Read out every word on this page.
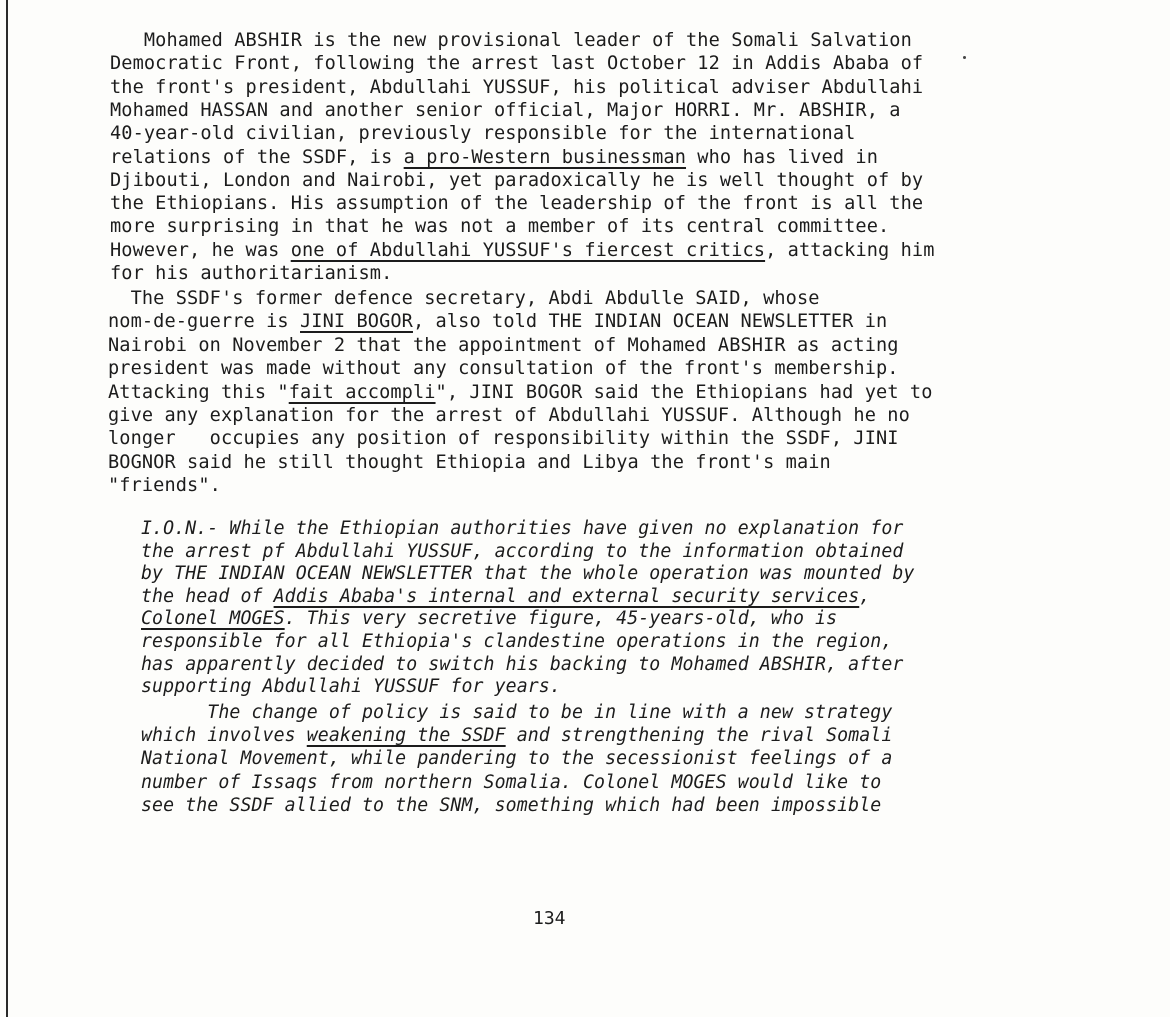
Mohamed ABSHIR is the new provisional leader of the Somali Salvation
Democratic Front, following the arrest last October 12 in Addis Ababa of
the front's president, Abdullahi YUSSUF, his political adviser Abdullahi
Mohamed HASSAN and another senior official, Major HORRI. Mr. ABSHIR, a
40-year-old civilian, previously responsible for the international
relations of the SSDF, is a pro-Western businessman who has lived in
Djibouti, London and Nairobi, yet paradoxically he is well thought of by
the Ethiopians. His assumption of the leadership of the front is all the
more surprising in that he was not a member of its central committee.
However, he was one of Abdullahi YUSSUF's fiercest critics, attacking him
for his authoritarianism.
The SSDF's former defence secretary, Abdi Abdulle SAID, whose
nom-de-guerre is JINI BOGOR, also told THE INDIAN OCEAN NEWSLETTER in
Nairobi on November 2 that the appointment of Mohamed ABSHIR as acting
president was made without any consultation of the front's membership.
Attacking this "fait accompli", JINI BOGOR said the Ethiopians had yet to
give any explanation for the arrest of Abdullahi YUSSUF. Although he no
longer   occupies any position of responsibility within the SSDF, JINI
BOGNOR said he still thought Ethiopia and Libya the front's main
"friends".
I.O.N.- While the Ethiopian authorities have given no explanation for
the arrest pf Abdullahi YUSSUF, according to the information obtained
by THE INDIAN OCEAN NEWSLETTER that the whole operation was mounted by
the head of Addis Ababa's internal and external security services,
Colonel MOGES. This very secretive figure, 45-years-old, who is
responsible for all Ethiopia's clandestine operations in the region,
has apparently decided to switch his backing to Mohamed ABSHIR, after
supporting Abdullahi YUSSUF for years.
The change of policy is said to be in line with a new strategy
which involves weakening the SSDF and strengthening the rival Somali
National Movement, while pandering to the secessionist feelings of a
number of Issaqs from northern Somalia. Colonel MOGES would like to
see the SSDF allied to the SNM, something which had been impossible
134
